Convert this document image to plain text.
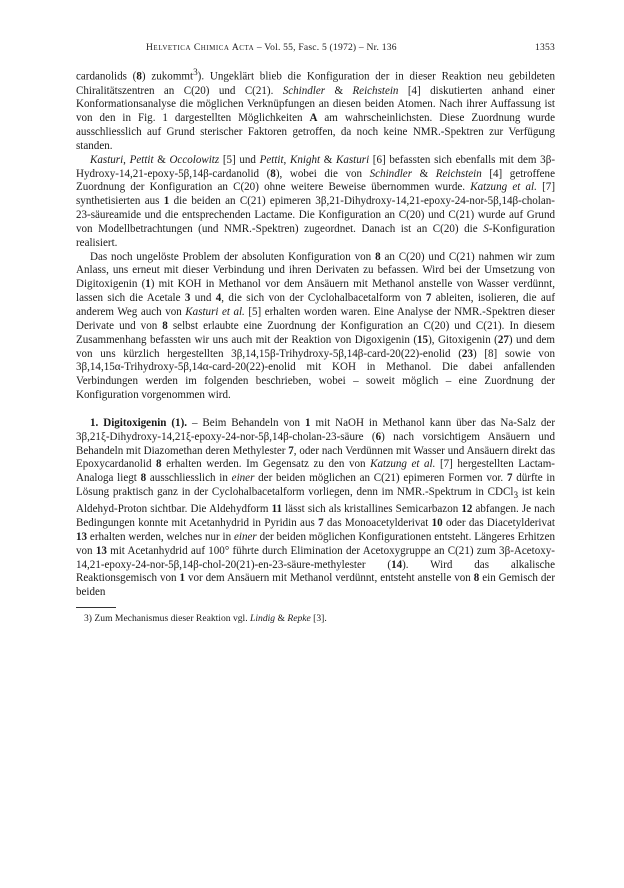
Helvetica Chimica Acta – Vol. 55, Fasc. 5 (1972) – Nr. 136	1353

cardanolids (8) zukommt$^3$). Ungeklärt blieb die Konfiguration der in dieser Reaktion neu gebildeten Chiralitätszentren an C(20) und C(21). Schindler & Reichstein [4] diskutierten anhand einer Konformationsanalyse die möglichen Verknüpfungen an diesen beiden Atomen. Nach ihrer Auffassung ist von den in Fig. 1 dargestellten Möglichkeiten A am wahrscheinlichsten. Diese Zuordnung wurde ausschliesslich auf Grund sterischer Faktoren getroffen, da noch keine NMR.-Spektren zur Verfügung standen.

Kasturi, Pettit & Occolowitz [5] und Pettit, Knight & Kasturi [6] befassten sich ebenfalls mit dem 3β-Hydroxy-14,21-epoxy-5β,14β-cardanolid (8), wobei die von Schindler & Reichstein [4] getroffene Zuordnung der Konfiguration an C(20) ohne weitere Beweise übernommen wurde. Katzung et al. [7] synthetisierten aus 1 die beiden an C(21) epimeren 3β,21-Dihydroxy-14,21-epoxy-24-nor-5β,14β-cholan-23-säureamide und die entsprechenden Lactame. Die Konfiguration an C(20) und C(21) wurde auf Grund von Modellbetrachtungen (und NMR.-Spektren) zugeordnet. Danach ist an C(20) die S-Konfiguration realisiert.

Das noch ungelöste Problem der absoluten Konfiguration von 8 an C(20) und C(21) nahmen wir zum Anlass, uns erneut mit dieser Verbindung und ihren Derivaten zu befassen. Wird bei der Umsetzung von Digitoxigenin (1) mit KOH in Methanol vor dem Ansäuern mit Methanol anstelle von Wasser verdünnt, lassen sich die Acetale 3 und 4, die sich von der Cyclohalbacetalform von 7 ableiten, isolieren, die auf anderem Weg auch von Kasturi et al. [5] erhalten worden waren. Eine Analyse der NMR.-Spektren dieser Derivate und von 8 selbst erlaubte eine Zuordnung der Konfiguration an C(20) und C(21). In diesem Zusammenhang befassten wir uns auch mit der Reaktion von Digoxigenin (15), Gitoxigenin (27) und dem von uns kürzlich hergestellten 3β,14,15β-Trihydroxy-5β,14β-card-20(22)-enolid (23) [8] sowie von 3β,14,15α-Trihydroxy-5β,14α-card-20(22)-enolid mit KOH in Methanol. Die dabei anfallenden Verbindungen werden im folgenden beschrieben, wobei – soweit möglich – eine Zuordnung der Konfiguration vorgenommen wird.

1. Digitoxigenin (1). – Beim Behandeln von 1 mit NaOH in Methanol kann über das Na-Salz der 3β,21ξ-Dihydroxy-14,21ξ-epoxy-24-nor-5β,14β-cholan-23-säure (6) nach vorsichtigem Ansäuern und Behandeln mit Diazomethan deren Methylester 7, oder nach Verdünnen mit Wasser und Ansäuern direkt das Epoxycardanolid 8 erhalten werden. Im Gegensatz zu den von Katzung et al. [7] hergestellten Lactam-Analoga liegt 8 ausschliesslich in einer der beiden möglichen an C(21) epimeren Formen vor. 7 dürfte in Lösung praktisch ganz in der Cyclohalbacetalform vorliegen, denn im NMR.-Spektrum in CDCl$_3$ ist kein Aldehyd-Proton sichtbar. Die Aldehydform 11 lässt sich als kristallines Semicarbazon 12 abfangen. Je nach Bedingungen konnte mit Acetanhydrid in Pyridin aus 7 das Monoacetylderivat 10 oder das Diacetylderivat 13 erhalten werden, welches nur in einer der beiden möglichen Konfigurationen entsteht. Längeres Erhitzen von 13 mit Acetanhydrid auf 100° führte durch Elimination der Acetoxygruppe an C(21) zum 3β-Acetoxy-14,21-epoxy-24-nor-5β,14β-chol-20(21)-en-23-säure-methylester (14). Wird das alkalische Reaktionsgemisch von 1 vor dem Ansäuern mit Methanol verdünnt, entsteht anstelle von 8 ein Gemisch der beiden

3) Zum Mechanismus dieser Reaktion vgl. Lindig & Repke [3].
